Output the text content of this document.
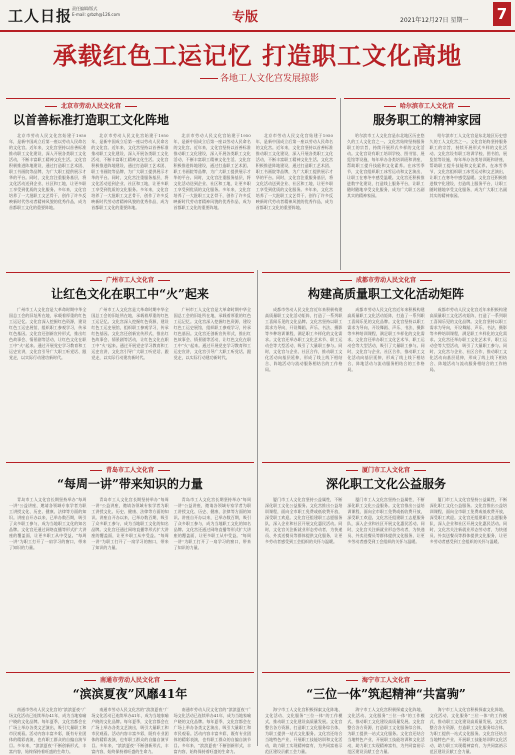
工人日报 责任编辑/版式
E-mail: grbzh@126.com	专版	2021年12月27日 星期一 7
承载红色工运记忆 打造职工文化高地
各地工人文化宫发展掠影
北京市劳动人民文化宫
以首善标准打造职工文化阵地
北京市劳动人民文化宫始建于1950年，是新中国成立后第一座以劳动人民命名的文化宫。近年来，文化宫坚持以首善标准推动职工文化建设，深入开展各类职工文化活动，不断丰富职工精神文化生活。文化宫积极推进阵地建设，通过打造职工艺术团、职工书画院等品牌，为广大职工提供展示才华的平台。同时，文化宫注重服务基层，将文化活动送到企业、社区和工地，让更多职工享受到优质的文化服务。多年来，文化宫培养了一大批职工文艺骨干，创作了许多反映新时代劳动者精神风貌的优秀作品，成为首都职工文化的重要阵地。
北京市劳动人民文化宫始建于1950年，是新中国成立后第一座以劳动人民命名的文化宫。近年来，文化宫坚持以首善标准推动职工文化建设，深入开展各类职工文化活动，不断丰富职工精神文化生活。文化宫积极推进阵地建设，通过打造职工艺术团、职工书画院等品牌，为广大职工提供展示才华的平台。同时，文化宫注重服务基层，将文化活动送到企业、社区和工地，让更多职工享受到优质的文化服务。多年来，文化宫培养了一大批职工文艺骨干，创作了许多反映新时代劳动者精神风貌的优秀作品，成为首都职工文化的重要阵地。
北京市劳动人民文化宫始建于1950年，是新中国成立后第一座以劳动人民命名的文化宫。近年来，文化宫坚持以首善标准推动职工文化建设，深入开展各类职工文化活动，不断丰富职工精神文化生活。文化宫积极推进阵地建设，通过打造职工艺术团、职工书画院等品牌，为广大职工提供展示才华的平台。同时，文化宫注重服务基层，将文化活动送到企业、社区和工地，让更多职工享受到优质的文化服务。多年来，文化宫培养了一大批职工文艺骨干，创作了许多反映新时代劳动者精神风貌的优秀作品，成为首都职工文化的重要阵地。
北京市劳动人民文化宫始建于1950年，是新中国成立后第一座以劳动人民命名的文化宫。近年来，文化宫坚持以首善标准推动职工文化建设，深入开展各类职工文化活动，不断丰富职工精神文化生活。文化宫积极推进阵地建设，通过打造职工艺术团、职工书画院等品牌，为广大职工提供展示才华的平台。同时，文化宫注重服务基层，将文化活动送到企业、社区和工地，让更多职工享受到优质的文化服务。多年来，文化宫培养了一大批职工文艺骨干，创作了许多反映新时代劳动者精神风貌的优秀作品，成为首都职工文化的重要阵地。
哈尔滨市工人文化宫
服务职工的精神家园
哈尔滨市工人文化宫是东北地区历史悠久的工人文化宫之一。文化宫始终坚持服务职工的宗旨，持续开展形式多样的文化活动。文化宫设有职工培训学校、图书馆、展览馆等设施，每年举办各类培训班和讲座，帮助职工提升技能和文化素养。在冰雪季节，文化宫组织职工冰雪运动和文艺演出，让职工在寒冬中感受温暖。文化宫还积极推进数字化建设，打造线上服务平台，让职工随时随地享受文化服务，成为广大职工名副其实的精神家园。
哈尔滨市工人文化宫是东北地区历史悠久的工人文化宫之一。文化宫始终坚持服务职工的宗旨，持续开展形式多样的文化活动。文化宫设有职工培训学校、图书馆、展览馆等设施，每年举办各类培训班和讲座，帮助职工提升技能和文化素养。在冰雪季节，文化宫组织职工冰雪运动和文艺演出，让职工在寒冬中感受温暖。文化宫还积极推进数字化建设，打造线上服务平台，让职工随时随地享受文化服务，成为广大职工名副其实的精神家园。
广州市工人文化宫
让红色文化在职工中“火”起来
广州市工人文化宫是大革命时期中华全国总工会的旧址所在地，承载着厚重的红色工运记忆。文化宫深入挖掘红色资源，建设红色工运史展馆，组织职工参观学习，传承红色基因。文化宫还创新宣传形式，推出红色故事会、情景剧等活动，让红色文化在职工中“火”起来。通过开展党史学习教育和工运史宣讲，文化宫引导广大职工听党话、跟党走，以实际行动建功新时代。
广州市工人文化宫是大革命时期中华全国总工会的旧址所在地，承载着厚重的红色工运记忆。文化宫深入挖掘红色资源，建设红色工运史展馆，组织职工参观学习，传承红色基因。文化宫还创新宣传形式，推出红色故事会、情景剧等活动，让红色文化在职工中“火”起来。通过开展党史学习教育和工运史宣讲，文化宫引导广大职工听党话、跟党走，以实际行动建功新时代。
广州市工人文化宫是大革命时期中华全国总工会的旧址所在地，承载着厚重的红色工运记忆。文化宫深入挖掘红色资源，建设红色工运史展馆，组织职工参观学习，传承红色基因。文化宫还创新宣传形式，推出红色故事会、情景剧等活动，让红色文化在职工中“火”起来。通过开展党史学习教育和工运史宣讲，文化宫引导广大职工听党话、跟党走，以实际行动建功新时代。
成都市劳动人民文化宫
构建高质量职工文化活动矩阵
成都市劳动人民文化宫近年来积极构建高质量职工文化活动矩阵，打造了一系列职工喜闻乐见的文化品牌。文化宫坚持以职工需求为导向，开设舞蹈、声乐、书法、摄影等多种培训课程，满足职工多样化的文化需求。文化宫还举办职工文化艺术节、职工运动会等大型活动，吸引了大量职工参与。同时，文化宫与企业、社区合作，推动职工文化活动向基层延伸，形成了线上线下相结合、阵地活动与流动服务相结合的工作格局。
成都市劳动人民文化宫近年来积极构建高质量职工文化活动矩阵，打造了一系列职工喜闻乐见的文化品牌。文化宫坚持以职工需求为导向，开设舞蹈、声乐、书法、摄影等多种培训课程，满足职工多样化的文化需求。文化宫还举办职工文化艺术节、职工运动会等大型活动，吸引了大量职工参与。同时，文化宫与企业、社区合作，推动职工文化活动向基层延伸，形成了线上线下相结合、阵地活动与流动服务相结合的工作格局。
成都市劳动人民文化宫近年来积极构建高质量职工文化活动矩阵，打造了一系列职工喜闻乐见的文化品牌。文化宫坚持以职工需求为导向，开设舞蹈、声乐、书法、摄影等多种培训课程，满足职工多样化的文化需求。文化宫还举办职工文化艺术节、职工运动会等大型活动，吸引了大量职工参与。同时，文化宫与企业、社区合作，推动职工文化活动向基层延伸，形成了线上线下相结合、阵地活动与流动服务相结合的工作格局。
青岛市工人文化宫
“每周一讲”带来知识的力量
青岛市工人文化宫长期坚持举办“每周一讲”公益讲座，邀请各领域专家学者为职工讲授文化、历史、健康、法律等方面的知识。讲座自开办以来，已举办数百期，吸引了众多职工参与，成为当地职工文化的知名品牌。文化宫还通过网络直播等形式扩大讲座的覆盖面，让更多职工从中受益。“每周一讲”为职工打开了一扇学习的窗口，带来了知识的力量。
青岛市工人文化宫长期坚持举办“每周一讲”公益讲座，邀请各领域专家学者为职工讲授文化、历史、健康、法律等方面的知识。讲座自开办以来，已举办数百期，吸引了众多职工参与，成为当地职工文化的知名品牌。文化宫还通过网络直播等形式扩大讲座的覆盖面，让更多职工从中受益。“每周一讲”为职工打开了一扇学习的窗口，带来了知识的力量。
青岛市工人文化宫长期坚持举办“每周一讲”公益讲座，邀请各领域专家学者为职工讲授文化、历史、健康、法律等方面的知识。讲座自开办以来，已举办数百期，吸引了众多职工参与，成为当地职工文化的知名品牌。文化宫还通过网络直播等形式扩大讲座的覆盖面，让更多职工从中受益。“每周一讲”为职工打开了一扇学习的窗口，带来了知识的力量。
厦门市工人文化宫
深化职工文化公益服务
厦门市工人文化宫坚持公益属性，不断深化职工文化公益服务。文化宫推出公益培训课程，面向全市职工免费或低收费开放，深受职工欢迎。文化宫还组建职工志愿服务队，深入企业和社区开展文化惠民活动。同时，文化宫关注新就业形态劳动者，为快递员、外卖送餐员等群体提供文化服务，让更多劳动者感受到工会组织的关怀与温暖。
厦门市工人文化宫坚持公益属性，不断深化职工文化公益服务。文化宫推出公益培训课程，面向全市职工免费或低收费开放，深受职工欢迎。文化宫还组建职工志愿服务队，深入企业和社区开展文化惠民活动。同时，文化宫关注新就业形态劳动者，为快递员、外卖送餐员等群体提供文化服务，让更多劳动者感受到工会组织的关怀与温暖。
厦门市工人文化宫坚持公益属性，不断深化职工文化公益服务。文化宫推出公益培训课程，面向全市职工免费或低收费开放，深受职工欢迎。文化宫还组建职工志愿服务队，深入企业和社区开展文化惠民活动。同时，文化宫关注新就业形态劳动者，为快递员、外卖送餐员等群体提供文化服务，让更多劳动者感受到工会组织的关怀与温暖。
南通市劳动人民文化宫
“滨滨夏夜”风靡41年
南通市劳动人民文化宫的“滨滨夏夜”广场文化活动已连续举办41年，成为当地家喻户晓的文化品牌。每年夏季，文化宫都会在广场上举办各类文艺演出，吸引大量职工和市民观看。活动内容丰富多彩，既有专业团体的精彩表演，也有职工群众的自编自演节目。多年来，“滨滨夏夜”不断创新形式，丰富内容，始终保持着旺盛的生命力。
南通市劳动人民文化宫的“滨滨夏夜”广场文化活动已连续举办41年，成为当地家喻户晓的文化品牌。每年夏季，文化宫都会在广场上举办各类文艺演出，吸引大量职工和市民观看。活动内容丰富多彩，既有专业团体的精彩表演，也有职工群众的自编自演节目。多年来，“滨滨夏夜”不断创新形式，丰富内容，始终保持着旺盛的生命力。
南通市劳动人民文化宫的“滨滨夏夜”广场文化活动已连续举办41年，成为当地家喻户晓的文化品牌。每年夏季，文化宫都会在广场上举办各类文艺演出，吸引大量职工和市民观看。活动内容丰富多彩，既有专业团体的精彩表演，也有职工群众的自编自演节目。多年来，“滨滨夏夜”不断创新形式，丰富内容，始终保持着旺盛的生命力。
海宁市工人文化宫
“三位一体”筑起精神“共富驹”
海宁市工人文化宫积极探索文化阵地、文化活动、文化服务“三位一体”的工作模式，推动职工文化建设高质量发展。文化宫整合各方资源，打造职工文化服务综合体，为职工提供一站式文化服务。文化宫还结合当地特色产业，开展职工技能培训和文化活动，助力职工实现精神富有，为共同富裕示范区建设贡献工会力量。
海宁市工人文化宫积极探索文化阵地、文化活动、文化服务“三位一体”的工作模式，推动职工文化建设高质量发展。文化宫整合各方资源，打造职工文化服务综合体，为职工提供一站式文化服务。文化宫还结合当地特色产业，开展职工技能培训和文化活动，助力职工实现精神富有，为共同富裕示范区建设贡献工会力量。
海宁市工人文化宫积极探索文化阵地、文化活动、文化服务“三位一体”的工作模式，推动职工文化建设高质量发展。文化宫整合各方资源，打造职工文化服务综合体，为职工提供一站式文化服务。文化宫还结合当地特色产业，开展职工技能培训和文化活动，助力职工实现精神富有，为共同富裕示范区建设贡献工会力量。
